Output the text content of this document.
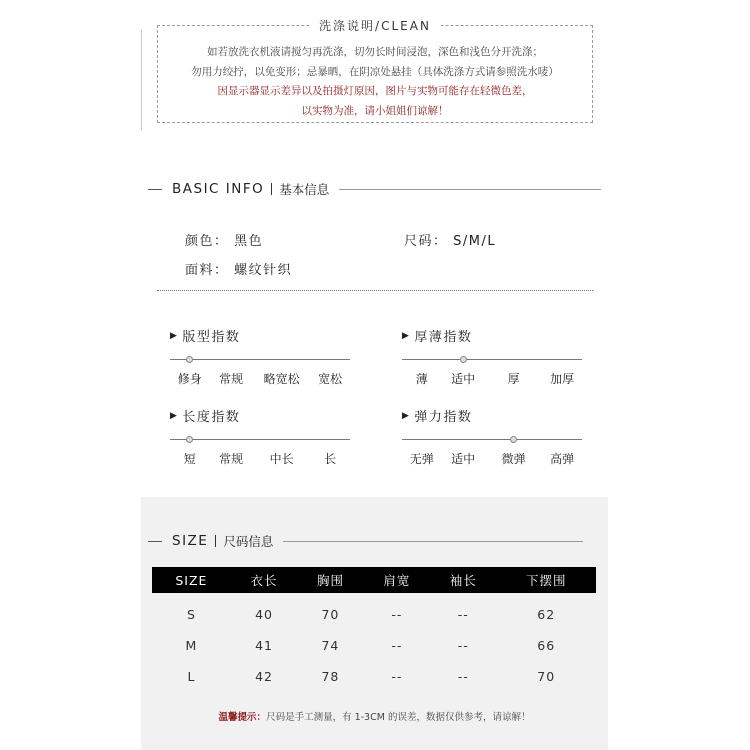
洗涤说明/CLEAN
如若放洗衣机液请搅匀再洗涤，切勿长时间浸泡，深色和浅色分开洗涤；
勿用力绞拧，以免变形；忌暴晒，在阴凉处悬挂（具体洗涤方式请参照洗水唛）
因显示器显示差异以及拍摄灯原因，图片与实物可能存在轻微色差，
以实物为准，请小姐姐们谅解！
BASIC INFO 基本信息
颜色： 黑色	尺码： S/M/L
面料： 螺纹针织
▶ 版型指数
修身 常规 略宽松 宽松
▶ 厚薄指数
薄 适中	厚	加厚
▶ 长度指数
短 常规 中长	长
▶ 弹力指数
无弹 适中 微弹 高弹
SIZE 尺码信息
SIZE	衣长	胸围	肩宽	袖长	下摆围
S	40	70	--	--	62
M	41	74	--	--	66
L	42	78	--	--	70
温馨提示：尺码是手工测量，有 1-3CM 的误差，数据仅供参考，请谅解！
